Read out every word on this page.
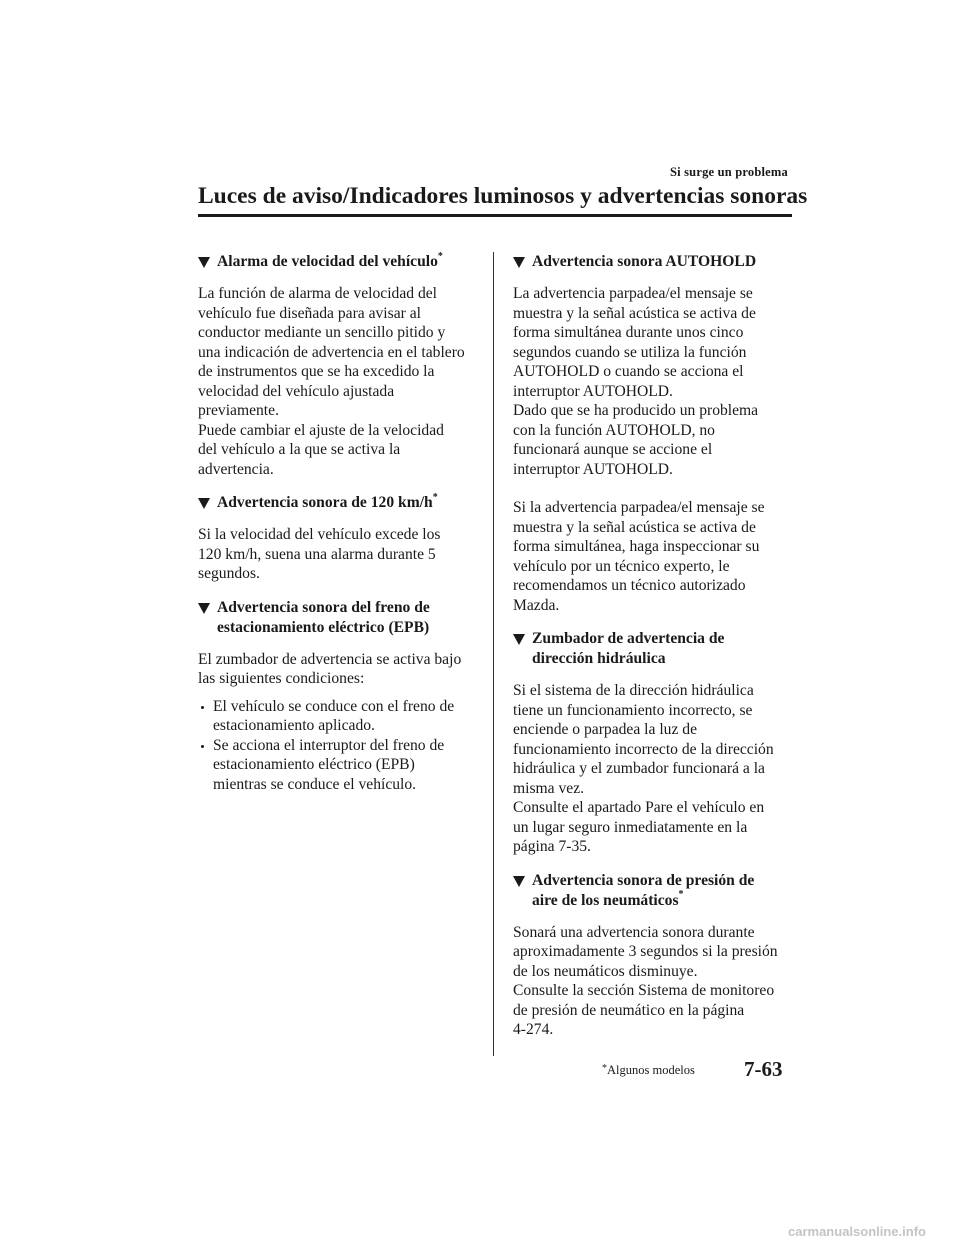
Si surge un problema
Luces de aviso/Indicadores luminosos y advertencias sonoras
Alarma de velocidad del vehículo*
La función de alarma de velocidad del
vehículo fue diseñada para avisar al
conductor mediante un sencillo pitido y
una indicación de advertencia en el tablero
de instrumentos que se ha excedido la
velocidad del vehículo ajustada
previamente.
Puede cambiar el ajuste de la velocidad
del vehículo a la que se activa la
advertencia.
Advertencia sonora de 120 km/h*
Si la velocidad del vehículo excede los
120 km/h, suena una alarma durante 5
segundos.
Advertencia sonora del freno de
estacionamiento eléctrico (EPB)
El zumbador de advertencia se activa bajo
las siguientes condiciones:
El vehículo se conduce con el freno de
estacionamiento aplicado.
Se acciona el interruptor del freno de
estacionamiento eléctrico (EPB)
mientras se conduce el vehículo.
Advertencia sonora AUTOHOLD
La advertencia parpadea/el mensaje se
muestra y la señal acústica se activa de
forma simultánea durante unos cinco
segundos cuando se utiliza la función
AUTOHOLD o cuando se acciona el
interruptor AUTOHOLD.
Dado que se ha producido un problema
con la función AUTOHOLD, no
funcionará aunque se accione el
interruptor AUTOHOLD.
Si la advertencia parpadea/el mensaje se
muestra y la señal acústica se activa de
forma simultánea, haga inspeccionar su
vehículo por un técnico experto, le
recomendamos un técnico autorizado
Mazda.
Zumbador de advertencia de
dirección hidráulica
Si el sistema de la dirección hidráulica
tiene un funcionamiento incorrecto, se
enciende o parpadea la luz de
funcionamiento incorrecto de la dirección
hidráulica y el zumbador funcionará a la
misma vez.
Consulte el apartado Pare el vehículo en
un lugar seguro inmediatamente en la
página 7-35.
Advertencia sonora de presión de
aire de los neumáticos*
Sonará una advertencia sonora durante
aproximadamente 3 segundos si la presión
de los neumáticos disminuye.
Consulte la sección Sistema de monitoreo
de presión de neumático en la página
4-274.
*Algunos modelos 7-63
carmanualsonline.info
